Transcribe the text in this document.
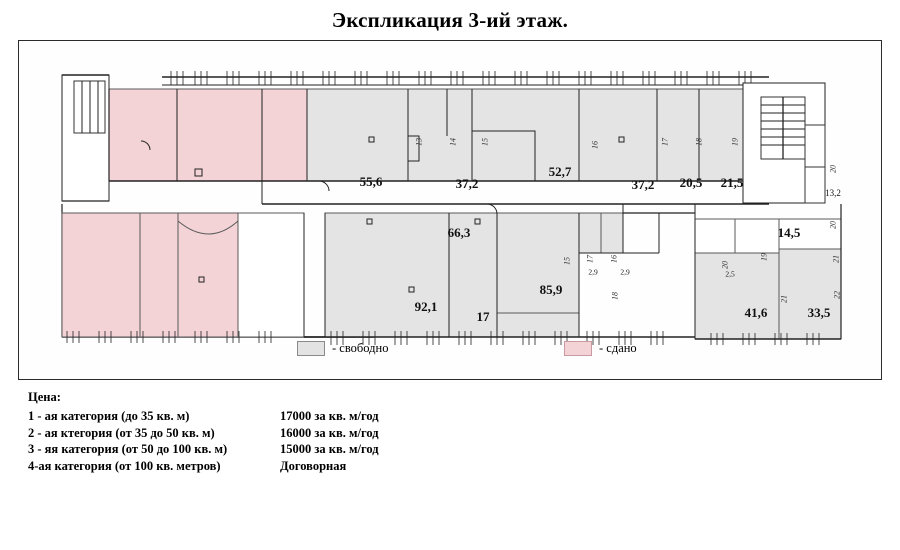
Экспликация 3-ий этаж.
55,6	37,2
52,7
37,2 20,5 21,5
13,2
66,3	14,5
92,1
17
85,9
2,9	2,9	2,5
41,6	33,5
13	14	15	16	17	18	19
20
20
15	16
17
18
19
20
21
21
22
- свободно	- сдано
Цена:
1 - ая категория (до 35 кв. м)	17000 за кв. м/год
2 - ая ктегория (от 35 до 50 кв. м)	16000 за кв. м/год
3 - яя категория (от 50 до 100 кв. м)	15000 за кв. м/год
4-ая категория (от 100 кв. метров)	Договорная
